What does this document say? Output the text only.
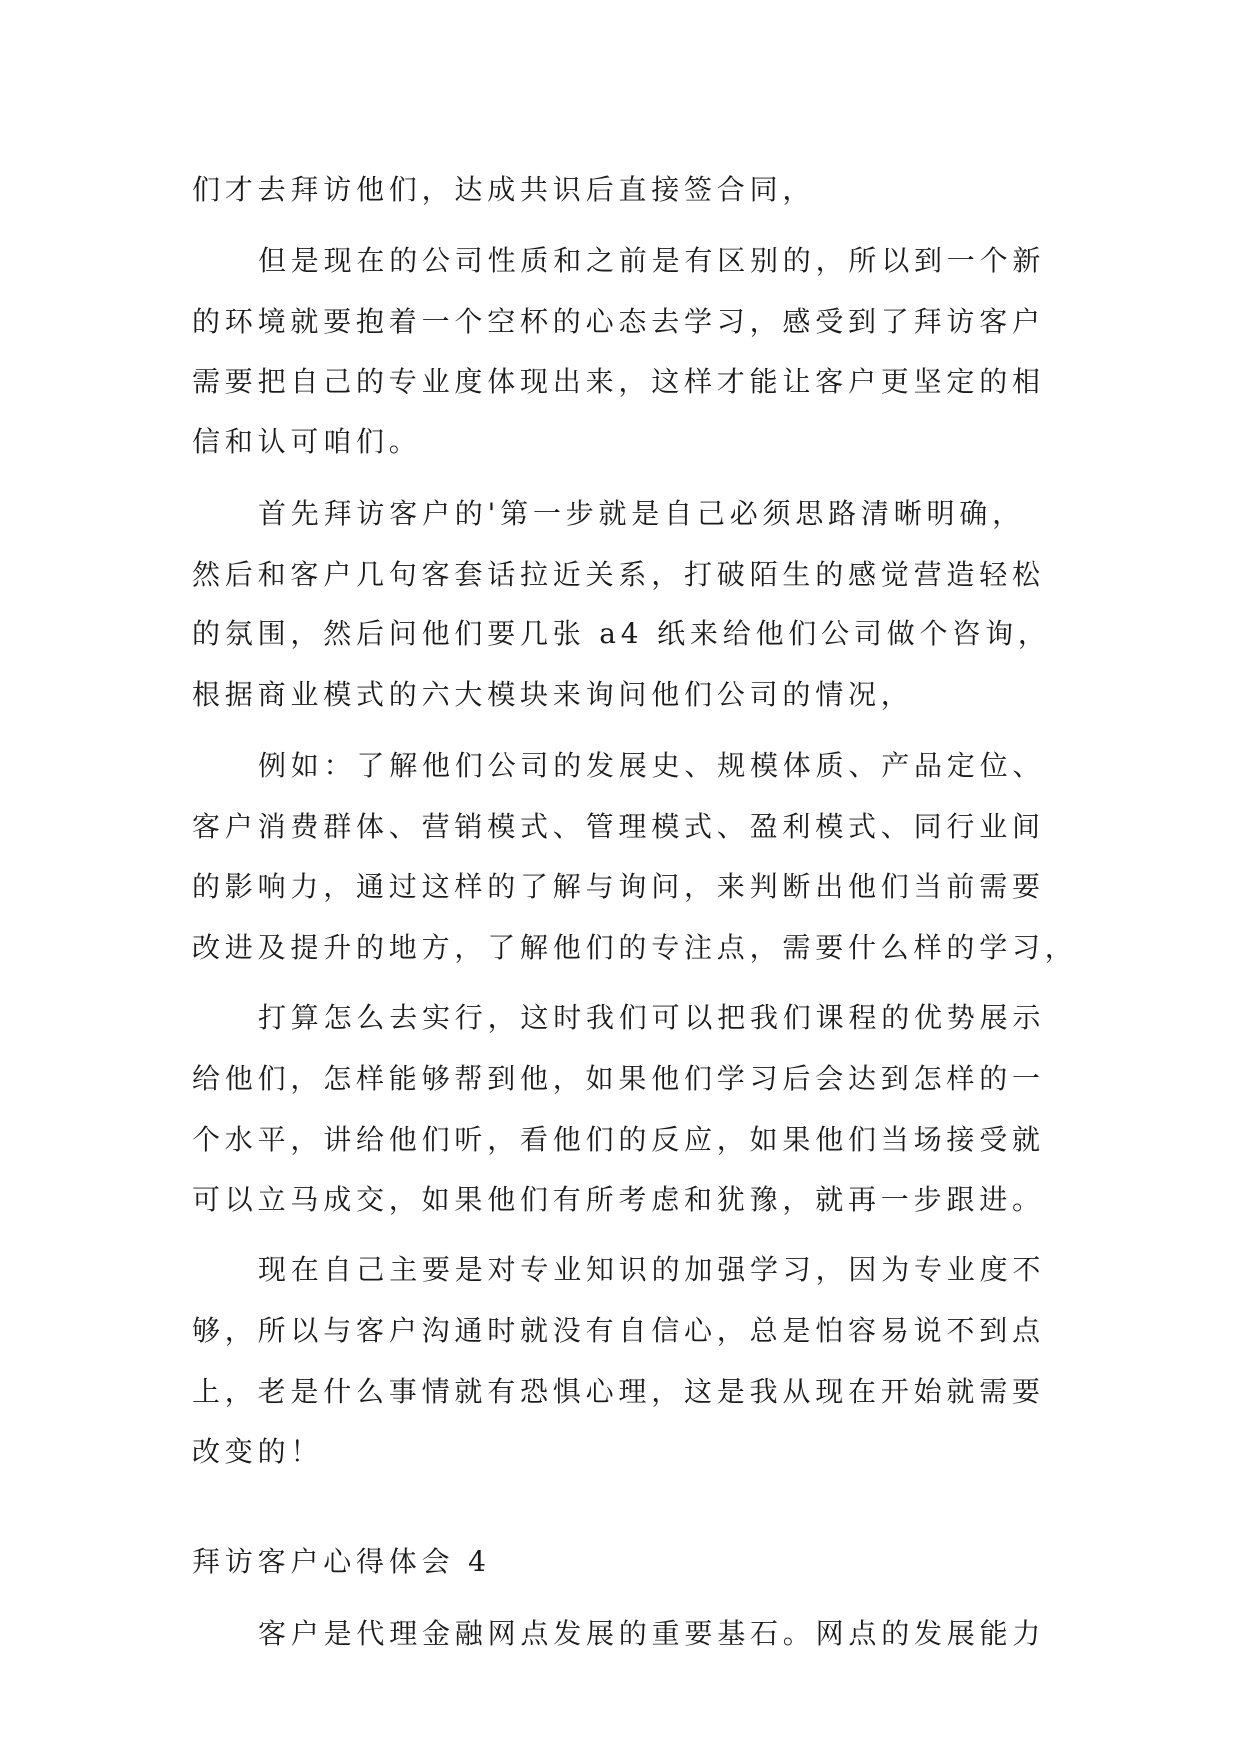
们才去拜访他们，达成共识后直接签合同，
但是现在的公司性质和之前是有区别的，所以到一个新
的环境就要抱着一个空杯的心态去学习，感受到了拜访客户
需要把自己的专业度体现出来，这样才能让客户更坚定的相
信和认可咱们。
首先拜访客户的'第一步就是自己必须思路清晰明确，
然后和客户几句客套话拉近关系，打破陌生的感觉营造轻松
的氛围，然后问他们要几张 a4 纸来给他们公司做个咨询，
根据商业模式的六大模块来询问他们公司的情况，
例如：了解他们公司的发展史、规模体质、产品定位、
客户消费群体、营销模式、管理模式、盈利模式、同行业间
的影响力，通过这样的了解与询问，来判断出他们当前需要
改进及提升的地方，了解他们的专注点，需要什么样的学习，
打算怎么去实行，这时我们可以把我们课程的优势展示
给他们，怎样能够帮到他，如果他们学习后会达到怎样的一
个水平，讲给他们听，看他们的反应，如果他们当场接受就
可以立马成交，如果他们有所考虑和犹豫，就再一步跟进。
现在自己主要是对专业知识的加强学习，因为专业度不
够，所以与客户沟通时就没有自信心，总是怕容易说不到点
上，老是什么事情就有恐惧心理，这是我从现在开始就需要
改变的！
拜访客户心得体会 4
客户是代理金融网点发展的重要基石。网点的发展能力
